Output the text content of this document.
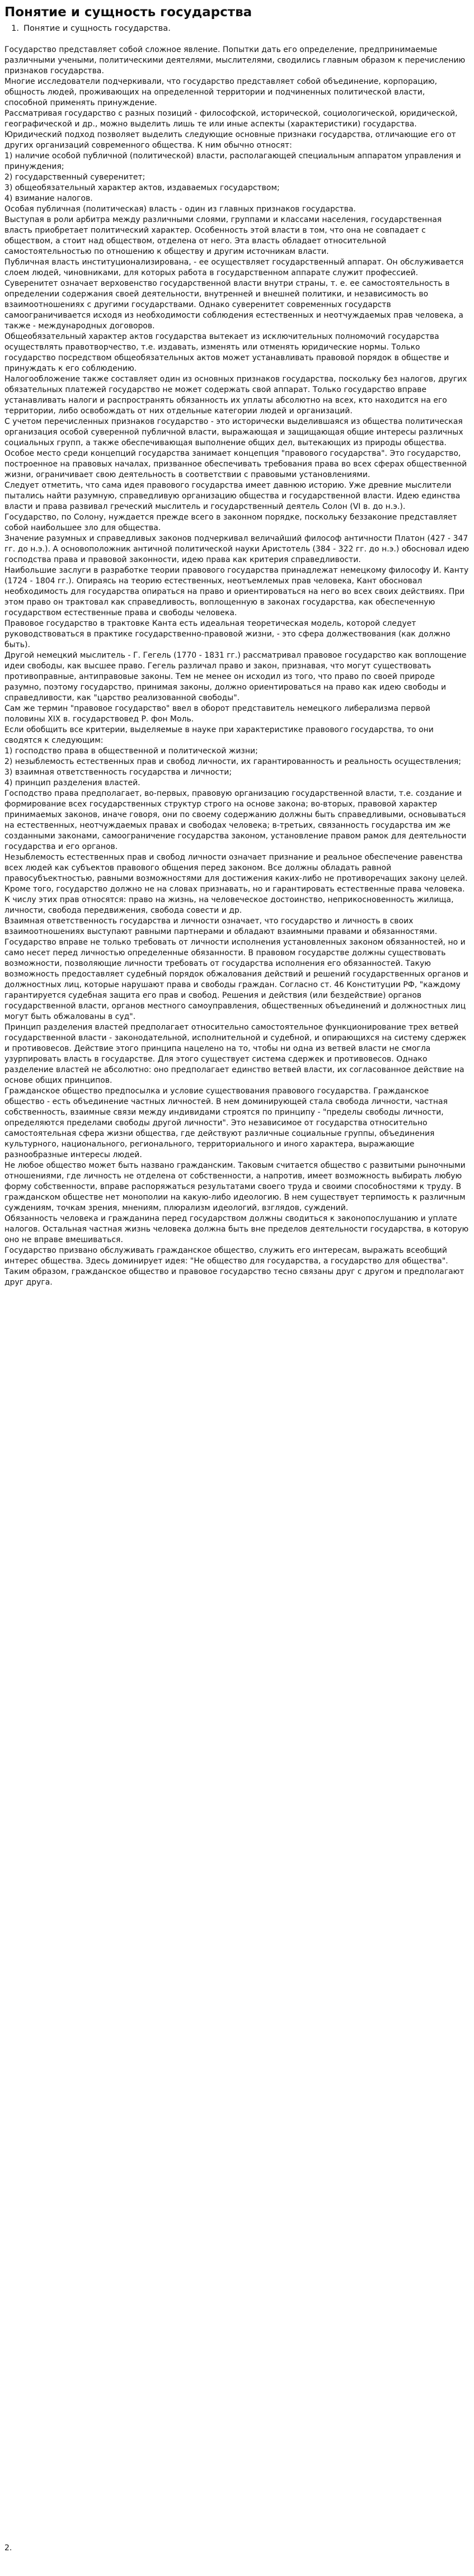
Понятие и сущность государства
1. Понятие и сущность государства.

Государство представляет собой сложное явление. Попытки дать его определение, предпринимаемые различными учеными, политическими деятелями, мыслителями, сводились главным образом к перечислению признаков государства.

Многие исследователи подчеркивали, что государство представляет собой объединение, корпорацию, общность людей, проживающих на определенной территории и подчиненных политической власти, способной применять принуждение.

Рассматривая государство с разных позиций - философской, исторической, социологической, юридической, географической и др., можно выделить лишь те или иные аспекты (характеристики) государства. Юридический подход позволяет выделить следующие основные признаки государства, отличающие его от других организаций современного общества. К ним обычно относят:

1) наличие особой публичной (политической) власти, располагающей специальным аппаратом управления и принуждения;

2) государственный суверенитет;

3) общеобязательный характер актов, издаваемых государством;

4) взимание налогов.

Особая публичная (политическая) власть - один из главных признаков государства.

Выступая в роли арбитра между различными слоями, группами и классами населения, государственная власть приобретает политический характер. Особенность этой власти в том, что она не совпадает с обществом, а стоит над обществом, отделена от него. Эта власть обладает относительной самостоятельностью по отношению к обществу и другим источникам власти.

Публичная власть институционализирована, - ее осуществляет государственный аппарат. Он обслуживается слоем людей, чиновниками, для которых работа в государственном аппарате служит профессией.

Суверенитет означает верховенство государственной власти внутри страны, т. е. ее самостоятельность в определении содержания своей деятельности, внутренней и внешней политики, и независимость во взаимоотношениях с другими государствами. Однако суверенитет современных государств самоограничивается исходя из необходимости соблюдения естественных и неотчуждаемых прав человека, а также - международных договоров.

Общеобязательный характер актов государства вытекает из исключительных полномочий государства осуществлять правотворчество, т.е. издавать, изменять или отменять юридические нормы. Только государство посредством общеобязательных актов может устанавливать правовой порядок в обществе и принуждать к его соблюдению.

Налогообложение также составляет один из основных признаков государства, поскольку без налогов, других обязательных платежей государство не может содержать свой аппарат. Только государство вправе устанавливать налоги и распространять обязанность их уплаты абсолютно на всех, кто находится на его территории, либо освобождать от них отдельные категории людей и организаций.

С учетом перечисленных признаков государство - это исторически выделившаяся из общества политическая организация особой суверенной публичной власти, выражающая и защищающая общие интересы различных социальных групп, а также обеспечивающая выполнение общих дел, вытекающих из природы общества.

Особое место среди концепций государства занимает концепция "правового государства". Это государство, построенное на правовых началах, призванное обеспечивать требования права во всех сферах общественной жизни, ограничивает свою деятельность в соответствии с правовыми установлениями.

Следует отметить, что сама идея правового государства имеет давнюю историю. Уже древние мыслители пытались найти разумную, справедливую организацию общества и государственной власти. Идею единства власти и права развивал греческий мыслитель и государственный деятель Солон (VI в. до н.э.).

Государство, по Солону, нуждается прежде всего в законном порядке, поскольку беззаконие представляет собой наибольшее зло для общества.

Значение разумных и справедливых законов подчеркивал величайший философ античности Платон (427 - 347 гг. до н.э.). А основоположник античной политической науки Аристотель (384 - 322 гг. до н.э.) обосновал идею господства права и правовой законности, идею права как критерия справедливости.

Наибольшие заслуги в разработке теории правового государства принадлежат немецкому философу И. Канту (1724 - 1804 гг.). Опираясь на теорию естественных, неотъемлемых прав человека, Кант обосновал необходимость для государства опираться на право и ориентироваться на него во всех своих действиях. При этом право он трактовал как справедливость, воплощенную в законах государства, как обеспеченную государством естественные права и свободы человека.

Правовое государство в трактовке Канта есть идеальная теоретическая модель, которой следует руководствоваться в практике государственно-правовой жизни, - это сфера должествования (как должно быть).

Другой немецкий мыслитель - Г. Гегель (1770 - 1831 гг.) рассматривал правовое государство как воплощение идеи свободы, как высшее право. Гегель различал право и закон, признавая, что могут существовать противоправные, антиправовые законы. Тем не менее он исходил из того, что право по своей природе разумно, поэтому государство, принимая законы, должно ориентироваться на право как идею свободы и справедливости, как "царство реализованной свободы".

Сам же термин "правовое государство" ввел в оборот представитель немецкого либерализма первой половины XIX в. государствовед Р. фон Моль.

Если обобщить все критерии, выделяемые в науке при характеристике правового государства, то они сводятся к следующим:

1) господство права в общественной и политической жизни;

2) незыблемость естественных прав и свобод личности, их гарантированность и реальность осуществления;

3) взаимная ответственность государства и личности;

4) принцип разделения властей.

Господство права предполагает, во-первых, правовую организацию государственной власти, т.е. создание и формирование всех государственных структур строго на основе закона; во-вторых, правовой характер принимаемых законов, иначе говоря, они по своему содержанию должны быть справедливыми, основываться на естественных, неотчуждаемых правах и свободах человека; в-третьих, связанность государства им же созданными законами, самоограничение государства законом, установление правом рамок для деятельности государства и его органов.

Незыблемость естественных прав и свобод личности означает признание и реальное обеспечение равенства всех людей как субъектов правового общения перед законом. Все должны обладать равной правосубъектностью, равными возможностями для достижения каких-либо не противоречащих закону целей.

Кроме того, государство должно не на словах признавать, но и гарантировать естественные права человека. К числу этих прав относятся: право на жизнь, на человеческое достоинство, неприкосновенность жилища, личности, свобода передвижения, свобода совести и др.

Взаимная ответственность государства и личности означает, что государство и личность в своих взаимоотношениях выступают равными партнерами и обладают взаимными правами и обязанностями. Государство вправе не только требовать от личности исполнения установленных законом обязанностей, но и само несет перед личностью определенные обязанности. В правовом государстве должны существовать возможности, позволяющие личности требовать от государства исполнения его обязанностей. Такую возможность предоставляет судебный порядок обжалования действий и решений государственных органов и должностных лиц, которые нарушают права и свободы граждан. Согласно ст. 46 Конституции РФ, "каждому гарантируется судебная защита его прав и свобод. Решения и действия (или бездействие) органов государственной власти, органов местного самоуправления, общественных объединений и должностных лиц могут быть обжалованы в суд".

Принцип разделения властей предполагает относительно самостоятельное функционирование трех ветвей государственной власти - законодательной, исполнительной и судебной, и опирающихся на систему сдержек и противовесов. Действие этого принципа нацелено на то, чтобы ни одна из ветвей власти не смогла узурпировать власть в государстве. Для этого существует система сдержек и противовесов. Однако разделение властей не абсолютно: оно предполагает единство ветвей власти, их согласованное действие на основе общих принципов.

Гражданское общество предпосылка и условие существования правового государства. Гражданское общество - есть объединение частных личностей. В нем доминирующей стала свобода личности, частная собственность, взаимные связи между индивидами строятся по принципу - "пределы свободы личности, определяются пределами свободы другой личности". Это независимое от государства относительно самостоятельная сфера жизни общества, где действуют различные социальные группы, объединения культурного, национального, регионального, территориального и иного характера, выражающие разнообразные интересы людей.

Не любое общество может быть названо гражданским. Таковым считается общество с развитыми рыночными отношениями, где личность не отделена от собственности, а напротив, имеет возможность выбирать любую форму собственности, вправе распоряжаться результатами своего труда и своими способностями к труду. В гражданском обществе нет монополии на какую-либо идеологию. В нем существует терпимость к различным суждениям, точкам зрения, мнениям, плюрализм идеологий, взглядов, суждений.

Обязанность человека и гражданина перед государством должны сводиться к законопослушанию и уплате налогов. Остальная частная жизнь человека должна быть вне пределов деятельности государства, в которую оно не вправе вмешиваться.

Государство призвано обслуживать гражданское общество, служить его интересам, выражать всеобщий интерес общества. Здесь доминирует идея: "Не общество для государства, а государство для общества".

Таким образом, гражданское общество и правовое государство тесно связаны друг с другом и предполагают друг друга.

2.
